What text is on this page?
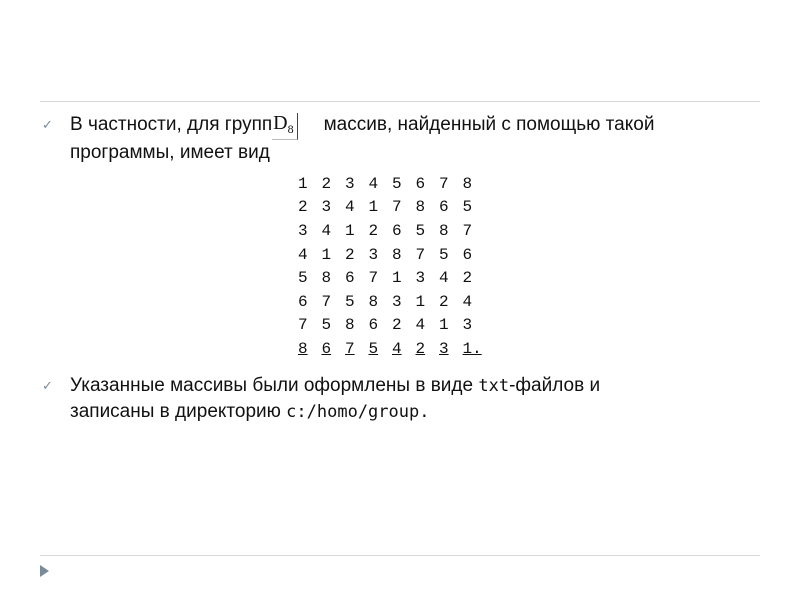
✓ В частности, для группD$_8$ массив, найденный с помощью такой
программы, имеет вид

1	2	3	4	5	6	7	8
2	3	4	1	7	8	6	5
3	4	1	2	6	5	8	7
4	1	2	3	8	7	5	6
5	8	6	7	1	3	4	2
6	7	5	8	3	1	2	4
7	5	8	6	2	4	1	3
8	6	7	5	4	2	3	1.
✓ Указанные массивы были оформлены в виде txt-файлов и
записаны в директорию c:/homo/group.
